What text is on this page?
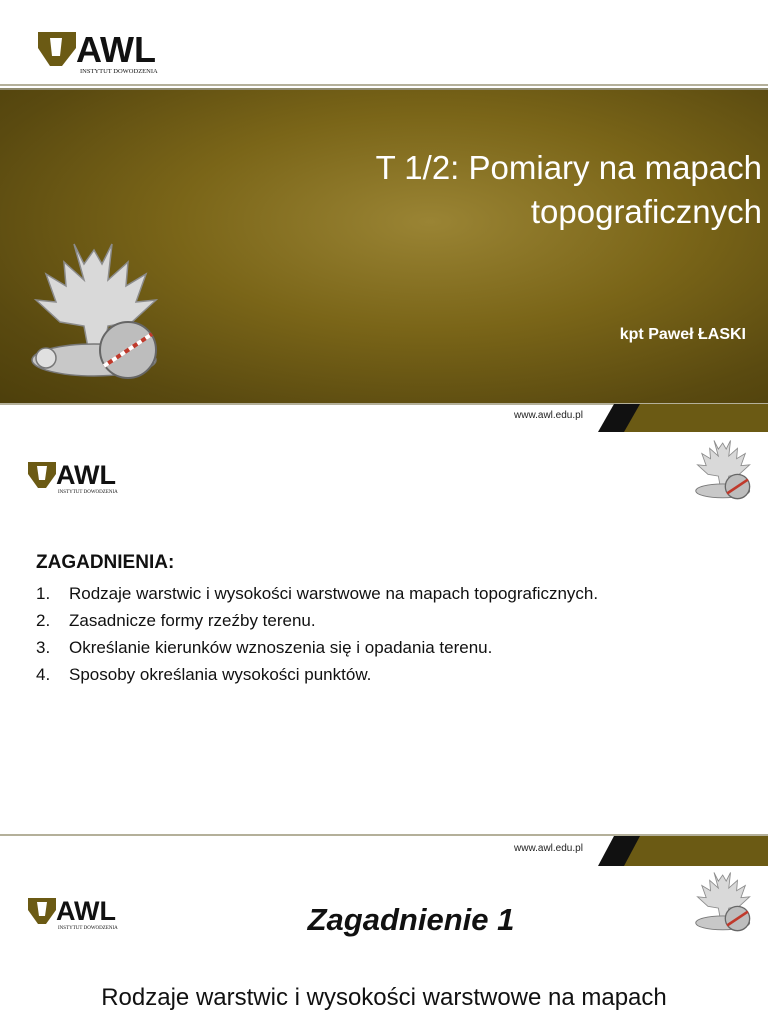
AWL
INSTYTUT DOWODZENIA
T 1/2: Pomiary na mapach topograficznych
kpt Paweł ŁASKI
www.awl.edu.pl
AWL
INSTYTUT DOWODZENIA
ZAGADNIENIA:
1. Rodzaje warstwic i wysokości warstwowe na mapach topograficznych.
2. Zasadnicze formy rzeźby terenu.
3. Określanie kierunków wznoszenia się i opadania terenu.
4. Sposoby określania wysokości punktów.
www.awl.edu.pl
AWL
INSTYTUT DOWODZENIA	Zagadnienie 1
Rodzaje warstwic i wysokości warstwowe na mapach
